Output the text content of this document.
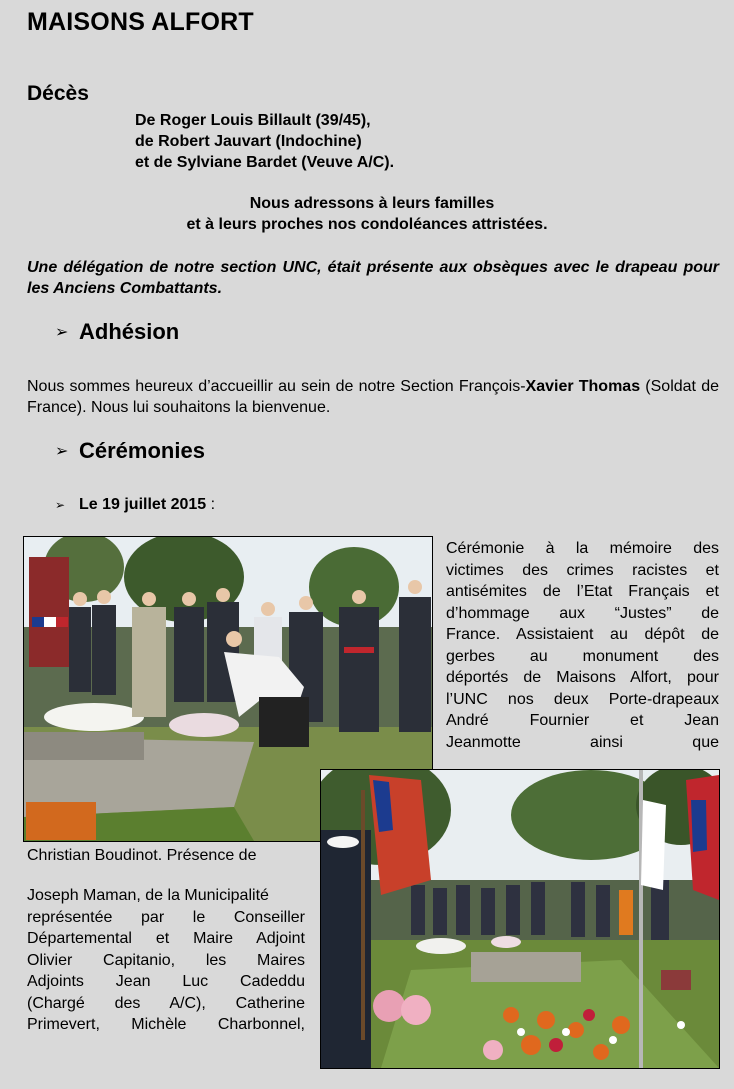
MAISONS ALFORT
Décès
De Roger Louis Billault (39/45),
de Robert Jauvart (Indochine)
et de Sylviane Bardet (Veuve A/C).
Nous adressons à leurs familles
et à leurs proches nos condoléances attristées.
Une délégation de notre section UNC, était présente aux obsèques avec le drapeau pour les Anciens Combattants.
➢ Adhésion
Nous sommes heureux d’accueillir au sein de notre Section François-Xavier Thomas (Soldat de France). Nous lui souhaitons la bienvenue.
➢ Cérémonies
➢ Le 19 juillet 2015 :
Cérémonie à la mémoire des
victimes des crimes racistes et
antisémites de l’Etat Français et
d’hommage aux “Justes” de
France. Assistaient au dépôt de
gerbes au monument des
déportés de Maisons Alfort, pour
l’UNC nos deux Porte-drapeaux
André Fournier et Jean
Jeanmotte ainsi que
Christian Boudinot. Présence de
Joseph Maman, de la Municipalité
représentée par le Conseiller
Départemental et Maire Adjoint
Olivier Capitanio, les Maires
Adjoints Jean Luc Cadeddu
(Chargé des A/C), Catherine
Primevert, Michèle Charbonnel,
